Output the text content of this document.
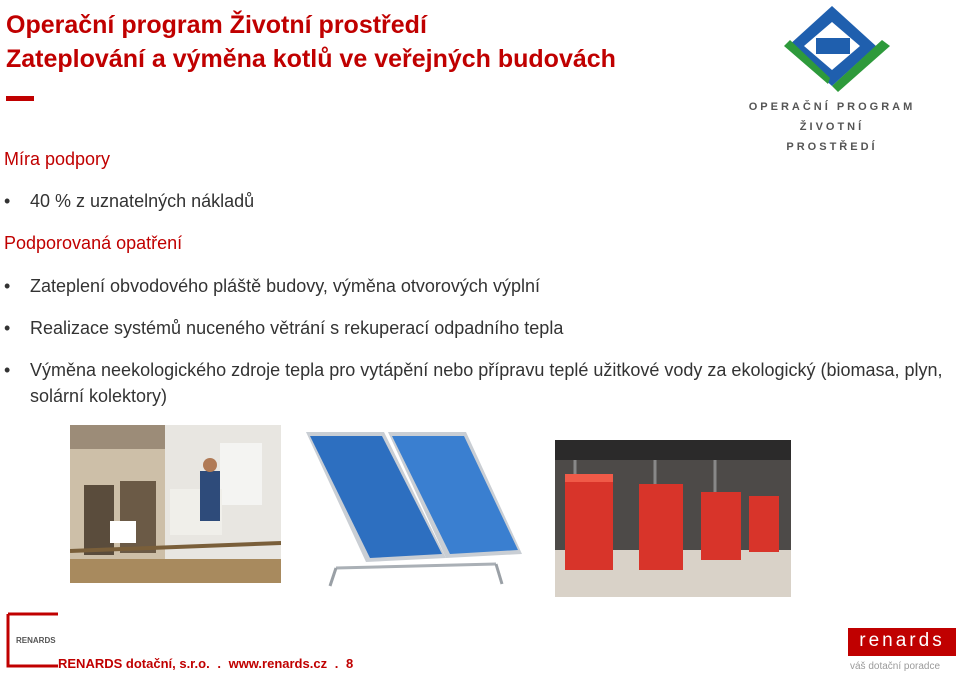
Operační program Životní prostředí
Zateplování a výměna kotlů ve veřejných budovách
Míra podpory
•	40 % z uznatelných nákladů
Podporovaná opatření
•	Zateplení obvodového pláště budovy, výměna otvorových výplní
•	Realizace systémů nuceného větrání s rekuperací odpadního tepla
•	Výměna neekologického zdroje tepla pro vytápění nebo přípravu teplé užitkové vody za ekologický (biomasa, plyn, solární kolektory)
OPERAČNÍ PROGRAM
ŽIVOTNÍ
PROSTŘEDÍ
RENARDS
RENARDS dotační, s.r.o. . www.renards.cz . 8
renards
váš dotační poradce
